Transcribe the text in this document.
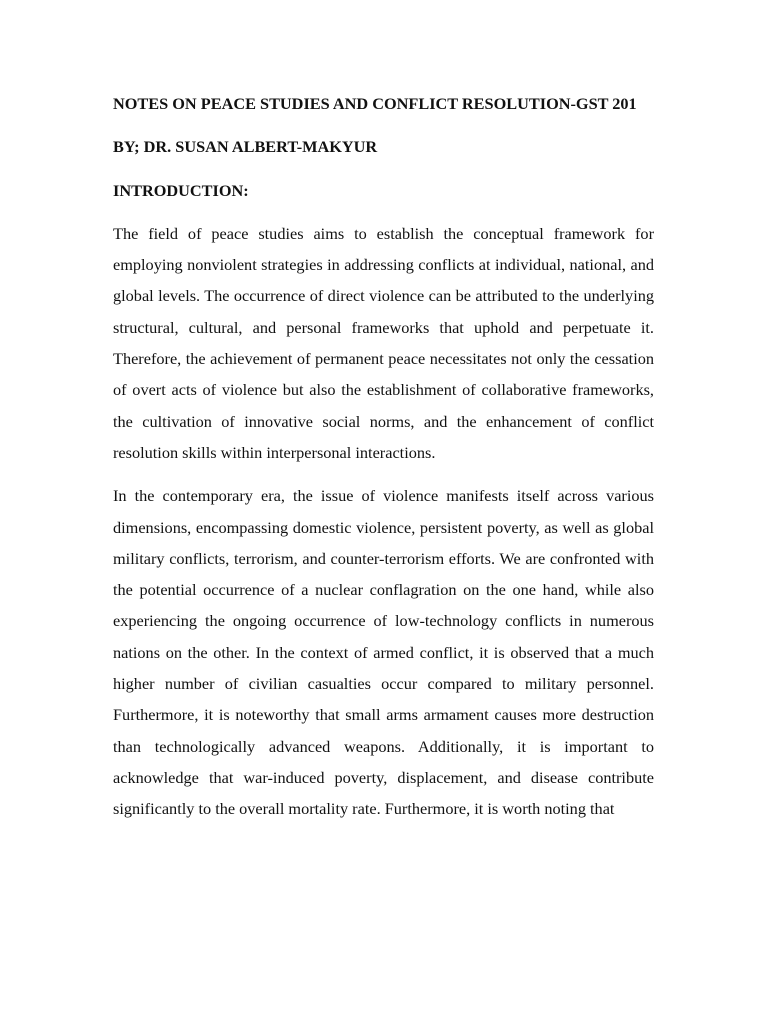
NOTES ON PEACE STUDIES AND CONFLICT RESOLUTION-GST 201

BY; DR. SUSAN ALBERT-MAKYUR

INTRODUCTION:

The field of peace studies aims to establish the conceptual framework for employing nonviolent strategies in addressing conflicts at individual, national, and global levels. The occurrence of direct violence can be attributed to the underlying structural, cultural, and personal frameworks that uphold and perpetuate it. Therefore, the achievement of permanent peace necessitates not only the cessation of overt acts of violence but also the establishment of collaborative frameworks, the cultivation of innovative social norms, and the enhancement of conflict resolution skills within interpersonal interactions.

In the contemporary era, the issue of violence manifests itself across various dimensions, encompassing domestic violence, persistent poverty, as well as global military conflicts, terrorism, and counter-terrorism efforts. We are confronted with the potential occurrence of a nuclear conflagration on the one hand, while also experiencing the ongoing occurrence of low-technology conflicts in numerous nations on the other. In the context of armed conflict, it is observed that a much higher number of civilian casualties occur compared to military personnel. Furthermore, it is noteworthy that small arms armament causes more destruction than technologically advanced weapons. Additionally, it is important to acknowledge that war-induced poverty, displacement, and disease contribute significantly to the overall mortality rate. Furthermore, it is worth noting that
